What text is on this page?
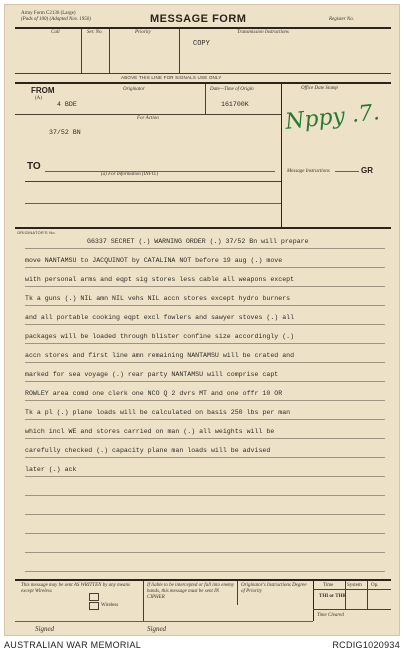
Army Form C2136 (Large)
(Pads of 100) (Adapted Nov. 1950)	MESSAGE FORM	Register No.
Call	Ser. No.	Priority	Transmission Instructions
COPY
ABOVE THIS LINE FOR SIGNALS USE ONLY
FROM
(A)
Originator
4 BDE
Date—Time of Origin
161700K
Office Date Stamp
Nppy .7.
For Action
37/52 BN
TO
(a) For Information (INFO.)
Message Instructions	GR
ORIGINATOR'S No.
G6337 SECRET (.) WARNING ORDER (.) 37/52 Bn will prepare
move NANTAMSU to JACQUINOT by CATALINA NOT before 19 aug (.) move
with personal arms and eqpt sig stores less cable all weapons except
Tk a guns (.) NIL amn NIL vehs NIL accn stores except hydro burners
and all portable cooking eqpt excl fowlers and sawyer stoves (.) all
packages will be loaded through blister confine size accordingly (.)
accn stores and first line amn remaining NANTAMSU will be crated and
marked for sea voyage (.) rear party NANTAMSU will comprise capt
ROWLEY area comd one clerk one NCO Q 2 dvrs MT and one offr 10 OR
Tk a pl (.) plane loads will be calculated on basis 250 lbs per man
which incl WE and stores carried on man (.) all weights will be
carefully checked (.) capacity plane man loads will be advised
later (.) ack
This message may be sent AS WRITTEN by any means except Wireless
Wireless
If liable to be intercepted or fall into enemy hands, this message must be sent IN CIPHER
Originator's Instructions Degree of Priority
Time	System Op.
THI or THR
Time Cleared
Signed	Signed
AUSTRALIAN WAR MEMORIAL	RCDIG1020934
